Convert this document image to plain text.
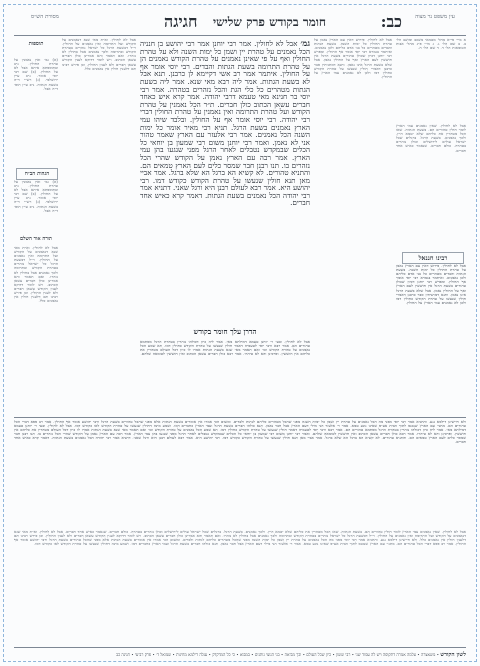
עין משפט נר מצוה
כב:
חומר בקודש פרק שלישי
חגיגה
מסורת הש״ס
א מיי׳ פי״א מהל׳ מטמאי משכב ומושב הל׳ ב. ב שם הל׳ ג. ג מיי׳ פ״ג מהל׳ אבות הטומאות הל׳ ד. ד שם הל׳ ה.
אבל לא לחולין. שאין נאמנים עמי הארץ לומר חולין טהורים הם. בשעת הגתות. שאז הכל מטהרין את כליהם שלא יטמא היין. ולכך נאמנים. בשעת הרגל. ברגלים שכל ישראל עולים לירושלים וכולן נזהרים בטהרה. כולם חברים. שנאמר כאיש אחד חברים.
רבינו חננאל
אבל לא לחולין. פירוש דאין עם הארץ נאמן על טהרת החולין כל ימות השנה. בשעת הגתות והבדים מטהרים כל בני אדם כליהם ולכן נאמנים. ואיתמר בגמרא רבי יוסי אומר אף החולין. ומפרש רבי יוחנן דכיון שכולן טהורים בשעת הרגל אין חוששין לעם הארץ ואף על החולין נאמן. אבל שלא בשעת הרגל אינו נאמן. ותנא דמתניתין סבר כרבנן דאמרי חולין שנעשו על טהרת הקודש כחולין דמו ולכן לא נאמנים עמי הארץ על החולין.
אבל לא לחולין. פירוש דאין עם הארץ נאמן על טהרת החולין כל ימות השנה. בשעת הגתות והבדים מטהרים כל בני אדם כליהם ולכן נאמנים. ואיתמר בגמרא רבי יוסי אומר אף החולין. ומפרש רבי יוחנן דכיון שכולן טהורים בשעת הרגל אין חוששין לעם הארץ ואף על החולין נאמן. אבל שלא בשעת הרגל אינו נאמן. ותנא דמתניתין סבר כרבנן דאמרי חולין שנעשו על טהרת הקודש כחולין דמו ולכן לא נאמנים עמי הארץ על החולין.
גמ׳ אבל לא לחולין. אמר רבי יוחנן אמר רבי יהושע בן חנניה הכל נאמנים על טהרת יין ושמן כל ימות השנה ולא על טהרת החולין ואף על פי שאינן נאמנים על טהרת הקודש נאמנים הן על טהרת התרומה בשעת הגתות והבדים. רבי יוסי אומר אף על החולין. איתמר אמר רב אשי דקיימא לן כרבנן. תנא אבל לא בשעת הגתות. אמר ליה רבא מאי שנא. אמר ליה בשעת הגתות מטהרים כל כלי הגת והכל נזהרים בטהרה. אמר רבי יוסי בר חנינא מאי טעמא דרבי יהודה. אמר קרא איש כאחד חברים עשאן הכתוב כולן חברים. ת״ר הכל נאמנין על טהרת הקודש ועל טהרת התרומה ואין נאמנין על טהרת החולין דברי רבי יהודה. רבי יוסי אומר אף על החולין. ובלבד שיהו עמי הארץ נאמנים בשעת הרגל. תניא רבי מאיר אומר כל ימות השנה הכל נאמנים. אמר רבי אלעזר עם הארץ שאמר טהור אני לא נאמן. ואמר רבי יוחנן משום רבי שמעון בן יוחאי כל הכלים שבמקדש נטבלים לאחר הרגל מפני שנגעו בהן עמי הארץ. אמר רבה עם הארץ נאמן על הקודש שהרי הכל נזהרים בו. תנו רבנן חבר שמסר כלים לעם הארץ טמאים הם. והתניא טהורים. לא קשיא הא ברגל הא שלא ברגל. אמר אביי מאן תנא חולין שנעשו על טהרת הקודש כקודש דמו. רבי יהושע היא. אמר רבא לעולם רבנן היא ורגל שאני. דתניא אמר רבי יהודה הכל נאמנים בשעת הגתות. דאמר קרא כאיש אחד חברים.
הדרן עלך חומר בקודש
אבל לא לחולין. ובעי ר׳ יוחנן טעמא דמילתא מאי. אמר ליה כיון דכולהו נזהרין בטהרת הרגל מסתמא טהורים הם. אמר רבא ורבי יוסי לטעמיה דאמר חולין שנעשו על טהרת הקודש כחולין דמו. תא שמע הכל נאמנים על טהרת הקודש וכו׳ ואם תאמר מאי שנא בשעת הגתות אמרו לו כיון דכל העולם מטהרין את כליהם אין חוששין. ופרכינן והא לא טיהרו. אמר רבא כולן חברים עשאן הכתוב ואין חוששין לטומאה שלהם.
אבל לא לחולין. וא״ת מאי שנא דנאמנים על הקודש ועל התרומה ואין נאמנים על החולין. וי״ל דבשעת הרגל כל ישראל נזהרים בטהרת הקודש ובתרומה ולכך נאמנים אבל בחולין לא נזהרו. ואם תאמר והא אמרינן כולן חברים עשאן הכתוב. ויש לומר דדוקא לענין הקודש עשאן חברים ולא לענין החולין. וכן פירש רבינו תם דלענין חולין אין נאמנים כלל.
תוספות
(א) גמ׳ ואין נאמנין על טהרת החולין. נ״ב ובתוספתא איתא אבל לא על החולין. (ב) שם רבי יוסי אומר. נ״ב עיין ירושלמי. (ג) רש״י ד״ה בשעת הגתות. נ״ב עיין תוס׳ ד״ה אבל.
הגהות הב״ח
(א) גמ׳ ואין נאמנין על טהרת החולין. נ״ב ובתוספתא איתא אבל לא על החולין. (ב) שם רבי יוסי אומר. נ״ב עיין ירושלמי. (ג) רש״י ד״ה בשעת הגתות. נ״ב עיין תוס׳ ד״ה אבל.
תורה אור השלם
אבל לא לחולין. וא״ת מאי שנא דנאמנים על הקודש ועל התרומה ואין נאמנים על החולין. וי״ל דבשעת הרגל כל ישראל נזהרים בטהרת הקודש ובתרומה ולכך נאמנים אבל בחולין לא נזהרו. ואם תאמר והא אמרינן כולן חברים עשאן הכתוב. ויש לומר דדוקא לענין הקודש עשאן חברים ולא לענין החולין. וכן פירש רבינו תם דלענין חולין אין נאמנים כלל.
ולא חיישינן דילמא נגע. והתניא אמר רבי יוסי מפני מה הכל נאמנים על טהרת יין ושמן כל ימות השנה מפני שהכל מטהרים כליהם לגתות ולבדים. ומשום הכי אמרו אין אומרים בשעת הגתות אלא מפני שהכל טהורים בשעת הרגל ורבי יהושע אומר אף החולין. אמר רב פפא דברי הכל טהורים הם. מתני׳ עם הארץ שנכנס לתוך הבית אע״פ שאינו נוגע טמא. אמר ר׳ אלעזר הני מילי דעם הארץ אבל חבר נאמן. תנא כולהו חברים בשעת הרגל ועמי הארץ כחברים דמו. ושמע מינה דחולין שנעשו על טהרת הקודש לאו כקודש דמו. אבל לא לחולין. ובעי ר׳ יוחנן טעמא דמילתא מאי. אמר ליה כיון דכולהו נזהרין בטהרת הרגל מסתמא טהורים הם. אמר רבא ורבי יוסי לטעמיה דאמר חולין שנעשו על טהרת הקודש כחולין דמו. תא שמע הכל נאמנים על טהרת הקודש וכו׳ ואם תאמר מאי שנא בשעת הגתות אמרו לו כיון דכל העולם מטהרין את כליהם אין חוששין. ופרכינן והא לא טיהרו. אמר רבא כולן חברים עשאן הכתוב ואין חוששין לטומאה שלהם. ואמר רבי יוחנן משום רבי שמעון בן יוחאי כל הכלים שבמקדש נטבלים לאחר הרגל מפני שנגעו בהן עמי הארץ. אמר רבה עם הארץ נאמן על הקודש שהרי הכל נזהרים בו. תנו רבנן חבר שמסר כלים לעם הארץ טמאים הם. והתניא טהורים. לא קשיא הא ברגל הא שלא ברגל. אמר אביי מאן תנא חולין שנעשו על טהרת הקודש כקודש דמו. רבי יהושע היא. אמר רבא לעולם רבנן היא ורגל שאני. דתניא אמר רבי יהודה הכל נאמנים בשעת הגתות. דאמר קרא כאיש אחד חברים.
אבל לא לחולין. שאין נאמנים עמי הארץ לומר חולין טהורים הם. בשעת הגתות. שאז הכל מטהרין את כליהם שלא יטמא היין. ולכך נאמנים. בשעת הרגל. ברגלים שכל ישראל עולים לירושלים וכולן נזהרים בטהרה. כולם חברים. שנאמר כאיש אחד חברים. אבל לא לחולין. וא״ת מאי שנא דנאמנים על הקודש ועל התרומה ואין נאמנים על החולין. וי״ל דבשעת הרגל כל ישראל נזהרים בטהרת הקודש ובתרומה ולכך נאמנים אבל בחולין לא נזהרו. ואם תאמר והא אמרינן כולן חברים עשאן הכתוב. ויש לומר דדוקא לענין הקודש עשאן חברים ולא לענין החולין. וכן פירש רבינו תם דלענין חולין אין נאמנים כלל. ולא חיישינן דילמא נגע. והתניא אמר רבי יוסי מפני מה הכל נאמנים על טהרת יין ושמן כל ימות השנה מפני שהכל מטהרים כליהם לגתות ולבדים. ומשום הכי אמרו אין אומרים בשעת הגתות אלא מפני שהכל טהורים בשעת הרגל ורבי יהושע אומר אף החולין. אמר רב פפא דברי הכל טהורים הם. מתני׳ עם הארץ שנכנס לתוך הבית אע״פ שאינו נוגע טמא. אמר ר׳ אלעזר הני מילי דעם הארץ אבל חבר נאמן. תנא כולהו חברים בשעת הרגל ועמי הארץ כחברים דמו. ושמע מינה דחולין שנעשו על טהרת הקודש לאו כקודש דמו.
לשון הקודש • משאצרה • עלמה אמרה דתקופה ויש לה עמוד שני • רבי ששון • כיון שכל העולם • וכך מביאה • בני הנוצי נותנים • במבוא • כי כל המדקדק • עגלה דילמא מחינות • שמואל ד׳ • פרק רביעי • חגיגה כב
